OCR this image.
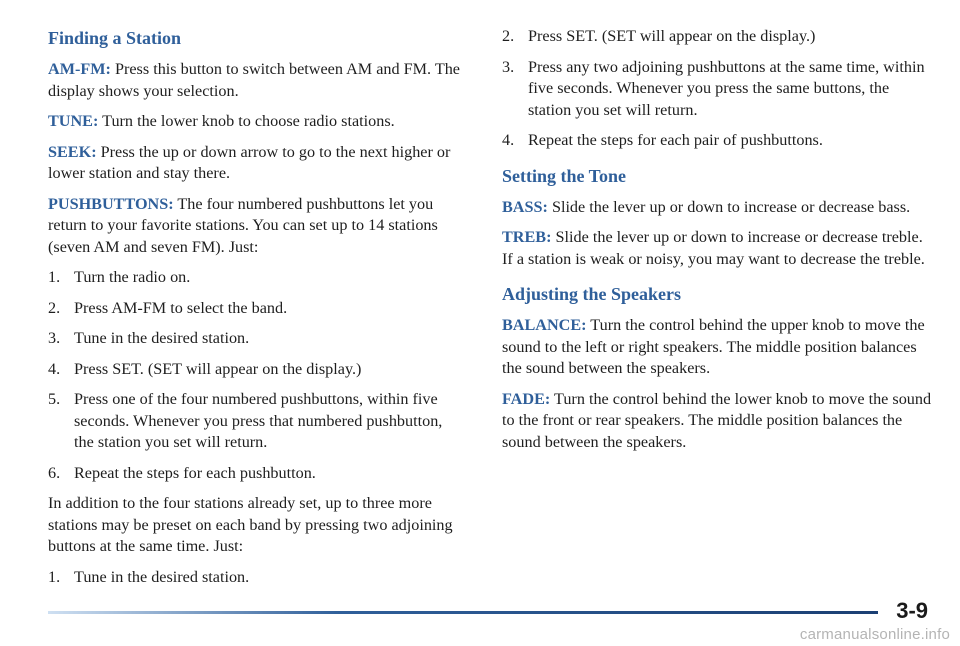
Finding a Station

AM-FM: Press this button to switch between AM and FM. The display shows your selection.

TUNE: Turn the lower knob to choose radio stations.

SEEK: Press the up or down arrow to go to the next higher or lower station and stay there.

PUSHBUTTONS: The four numbered pushbuttons let you return to your favorite stations. You can set up to 14 stations (seven AM and seven FM). Just:

1. Turn the radio on.
2. Press AM-FM to select the band.
3. Tune in the desired station.
4. Press SET. (SET will appear on the display.)
5. Press one of the four numbered pushbuttons, within five seconds. Whenever you press that numbered pushbutton, the station you set will return.
6. Repeat the steps for each pushbutton.

In addition to the four stations already set, up to three more stations may be preset on each band by pressing two adjoining buttons at the same time. Just:

1. Tune in the desired station.
2. Press SET. (SET will appear on the display.)
3. Press any two adjoining pushbuttons at the same time, within five seconds. Whenever you press the same buttons, the station you set will return.
4. Repeat the steps for each pair of pushbuttons.
Setting the Tone

BASS: Slide the lever up or down to increase or decrease bass.

TREB: Slide the lever up or down to increase or decrease treble. If a station is weak or noisy, you may want to decrease the treble.

Adjusting the Speakers

BALANCE: Turn the control behind the upper knob to move the sound to the left or right speakers. The middle position balances the sound between the speakers.

FADE: Turn the control behind the lower knob to move the sound to the front or rear speakers. The middle position balances the sound between the speakers.

3-9
carmanualsonline.info
